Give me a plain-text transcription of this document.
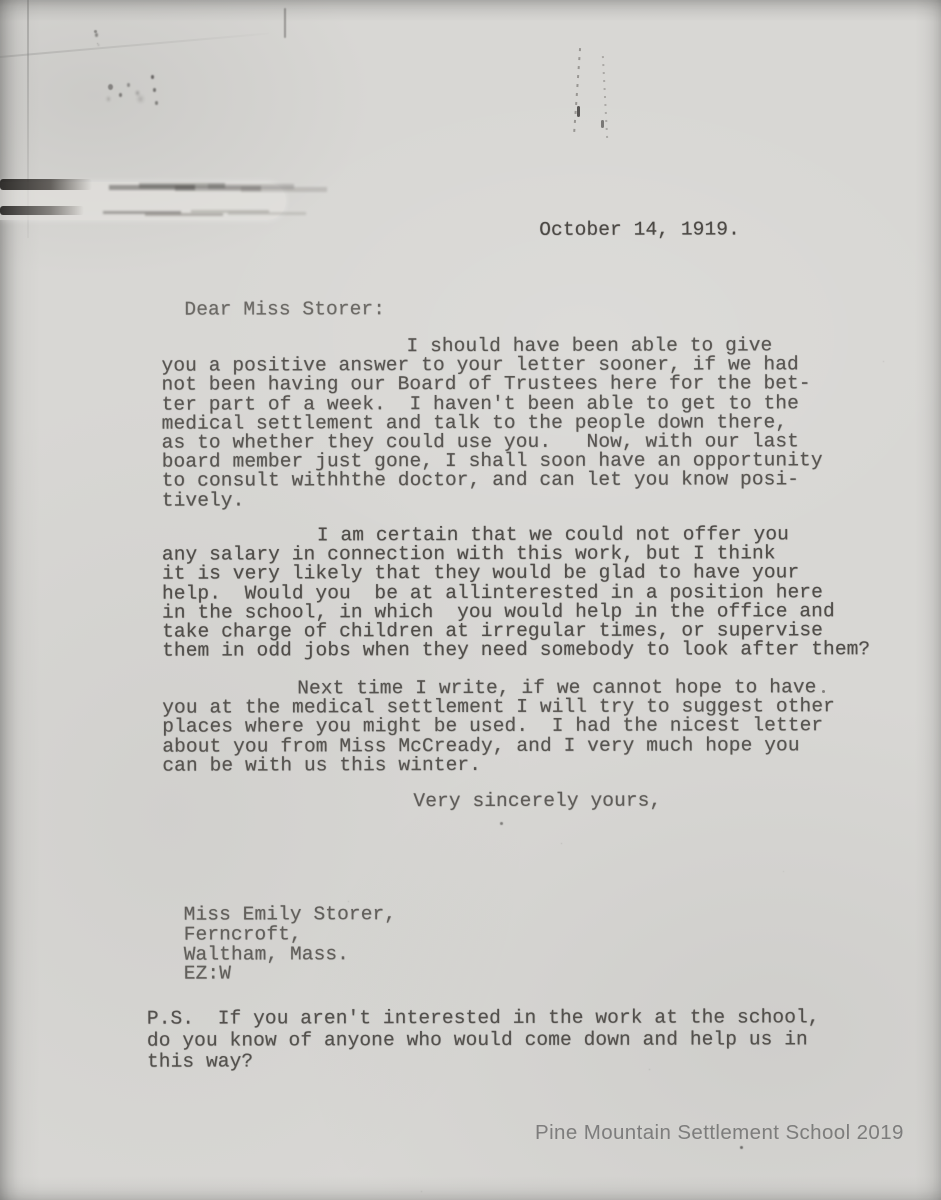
October 14, 1919.
Dear Miss Storer:
I should have been able to give
you a positive answer to your letter sooner, if we had
not been having our Board of Trustees here for the bet-
ter part of a week.  I haven't been able to get to the
medical settlement and talk to the people down there,
as to whether they could use you.   Now, with our last
board member just gone, I shall soon have an opportunity
to consult withhthe doctor, and can let you know posi-
tively.
I am certain that we could not offer you
any salary in connection with this work, but I think
it is very likely that they would be glad to have your
help.  Would you  be at allinterested in a position here
in the school, in which  you would help in the office and
take charge of children at irregular times, or supervise
them in odd jobs when they need somebody to look after them?
Next time I write, if we cannot hope to have
you at the medical settlement I will try to suggest other
places where you might be used.  I had the nicest letter
about you from Miss McCready, and I very much hope you
can be with us this winter.
Very sincerely yours,
Miss Emily Storer,
Ferncroft,
Waltham, Mass.
EZ:W
P.S.  If you aren't interested in the work at the school,
do you know of anyone who would come down and help us in
this way?
Pine Mountain Settlement School 2019
